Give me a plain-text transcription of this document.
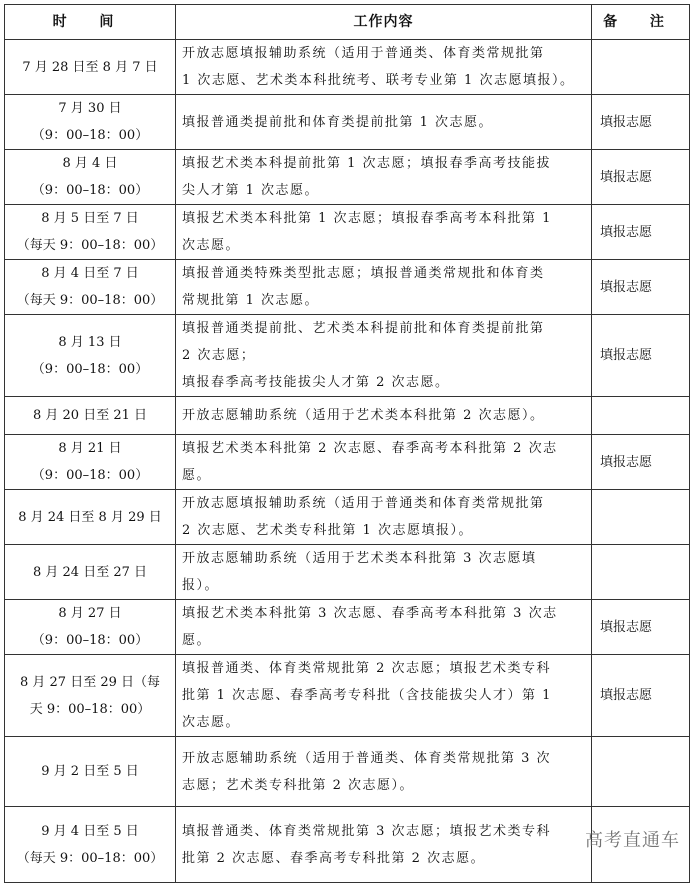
时 间	工作内容	备 注

7 月 28 日至 8 月 7 日	开放志愿填报辅助系统（适用于普通类、体育类常规批第
1 次志愿、艺术类本科批统考、联考专业第 1 次志愿填报）。	

7 月 30 日
（9：00–18：00）	填报普通类提前批和体育类提前批第 1 次志愿。	填报志愿

8 月 4 日
（9：00–18：00）	填报艺术类本科提前批第 1 次志愿；填报春季高考技能拔
尖人才第 1 次志愿。	填报志愿

8 月 5 日至 7 日
（每天 9：00–18：00）	填报艺术类本科批第 1 次志愿；填报春季高考本科批第 1
次志愿。	填报志愿

8 月 4 日至 7 日
（每天 9：00–18：00）	填报普通类特殊类型批志愿；填报普通类常规批和体育类
常规批第 1 次志愿。	填报志愿

8 月 13 日
（9：00–18：00）	填报普通类提前批、艺术类本科提前批和体育类提前批第
2 次志愿；
填报春季高考技能拔尖人才第 2 次志愿。	填报志愿

8 月 20 日至 21 日	开放志愿辅助系统（适用于艺术类本科批第 2 次志愿）。	

8 月 21 日
（9：00–18：00）	填报艺术类本科批第 2 次志愿、春季高考本科批第 2 次志
愿。	填报志愿

8 月 24 日至 8 月 29 日	开放志愿填报辅助系统（适用于普通类和体育类常规批第
2 次志愿、艺术类专科批第 1 次志愿填报）。	

8 月 24 日至 27 日	开放志愿辅助系统（适用于艺术类本科批第 3 次志愿填
报）。	

8 月 27 日
（9：00–18：00）	填报艺术类本科批第 3 次志愿、春季高考本科批第 3 次志
愿。	填报志愿

8 月 27 日至 29 日（每
天 9：00–18：00）	填报普通类、体育类常规批第 2 次志愿；填报艺术类专科
批第 1 次志愿、春季高考专科批（含技能拔尖人才）第 1
次志愿。	填报志愿

9 月 2 日至 5 日	开放志愿辅助系统（适用于普通类、体育类常规批第 3 次
志愿；艺术类专科批第 2 次志愿）。	

9 月 4 日至 5 日
（每天 9：00–18：00）	填报普通类、体育类常规批第 3 次志愿；填报艺术类专科
批第 2 次志愿、春季高考专科批第 2 次志愿。	

高考直通车
